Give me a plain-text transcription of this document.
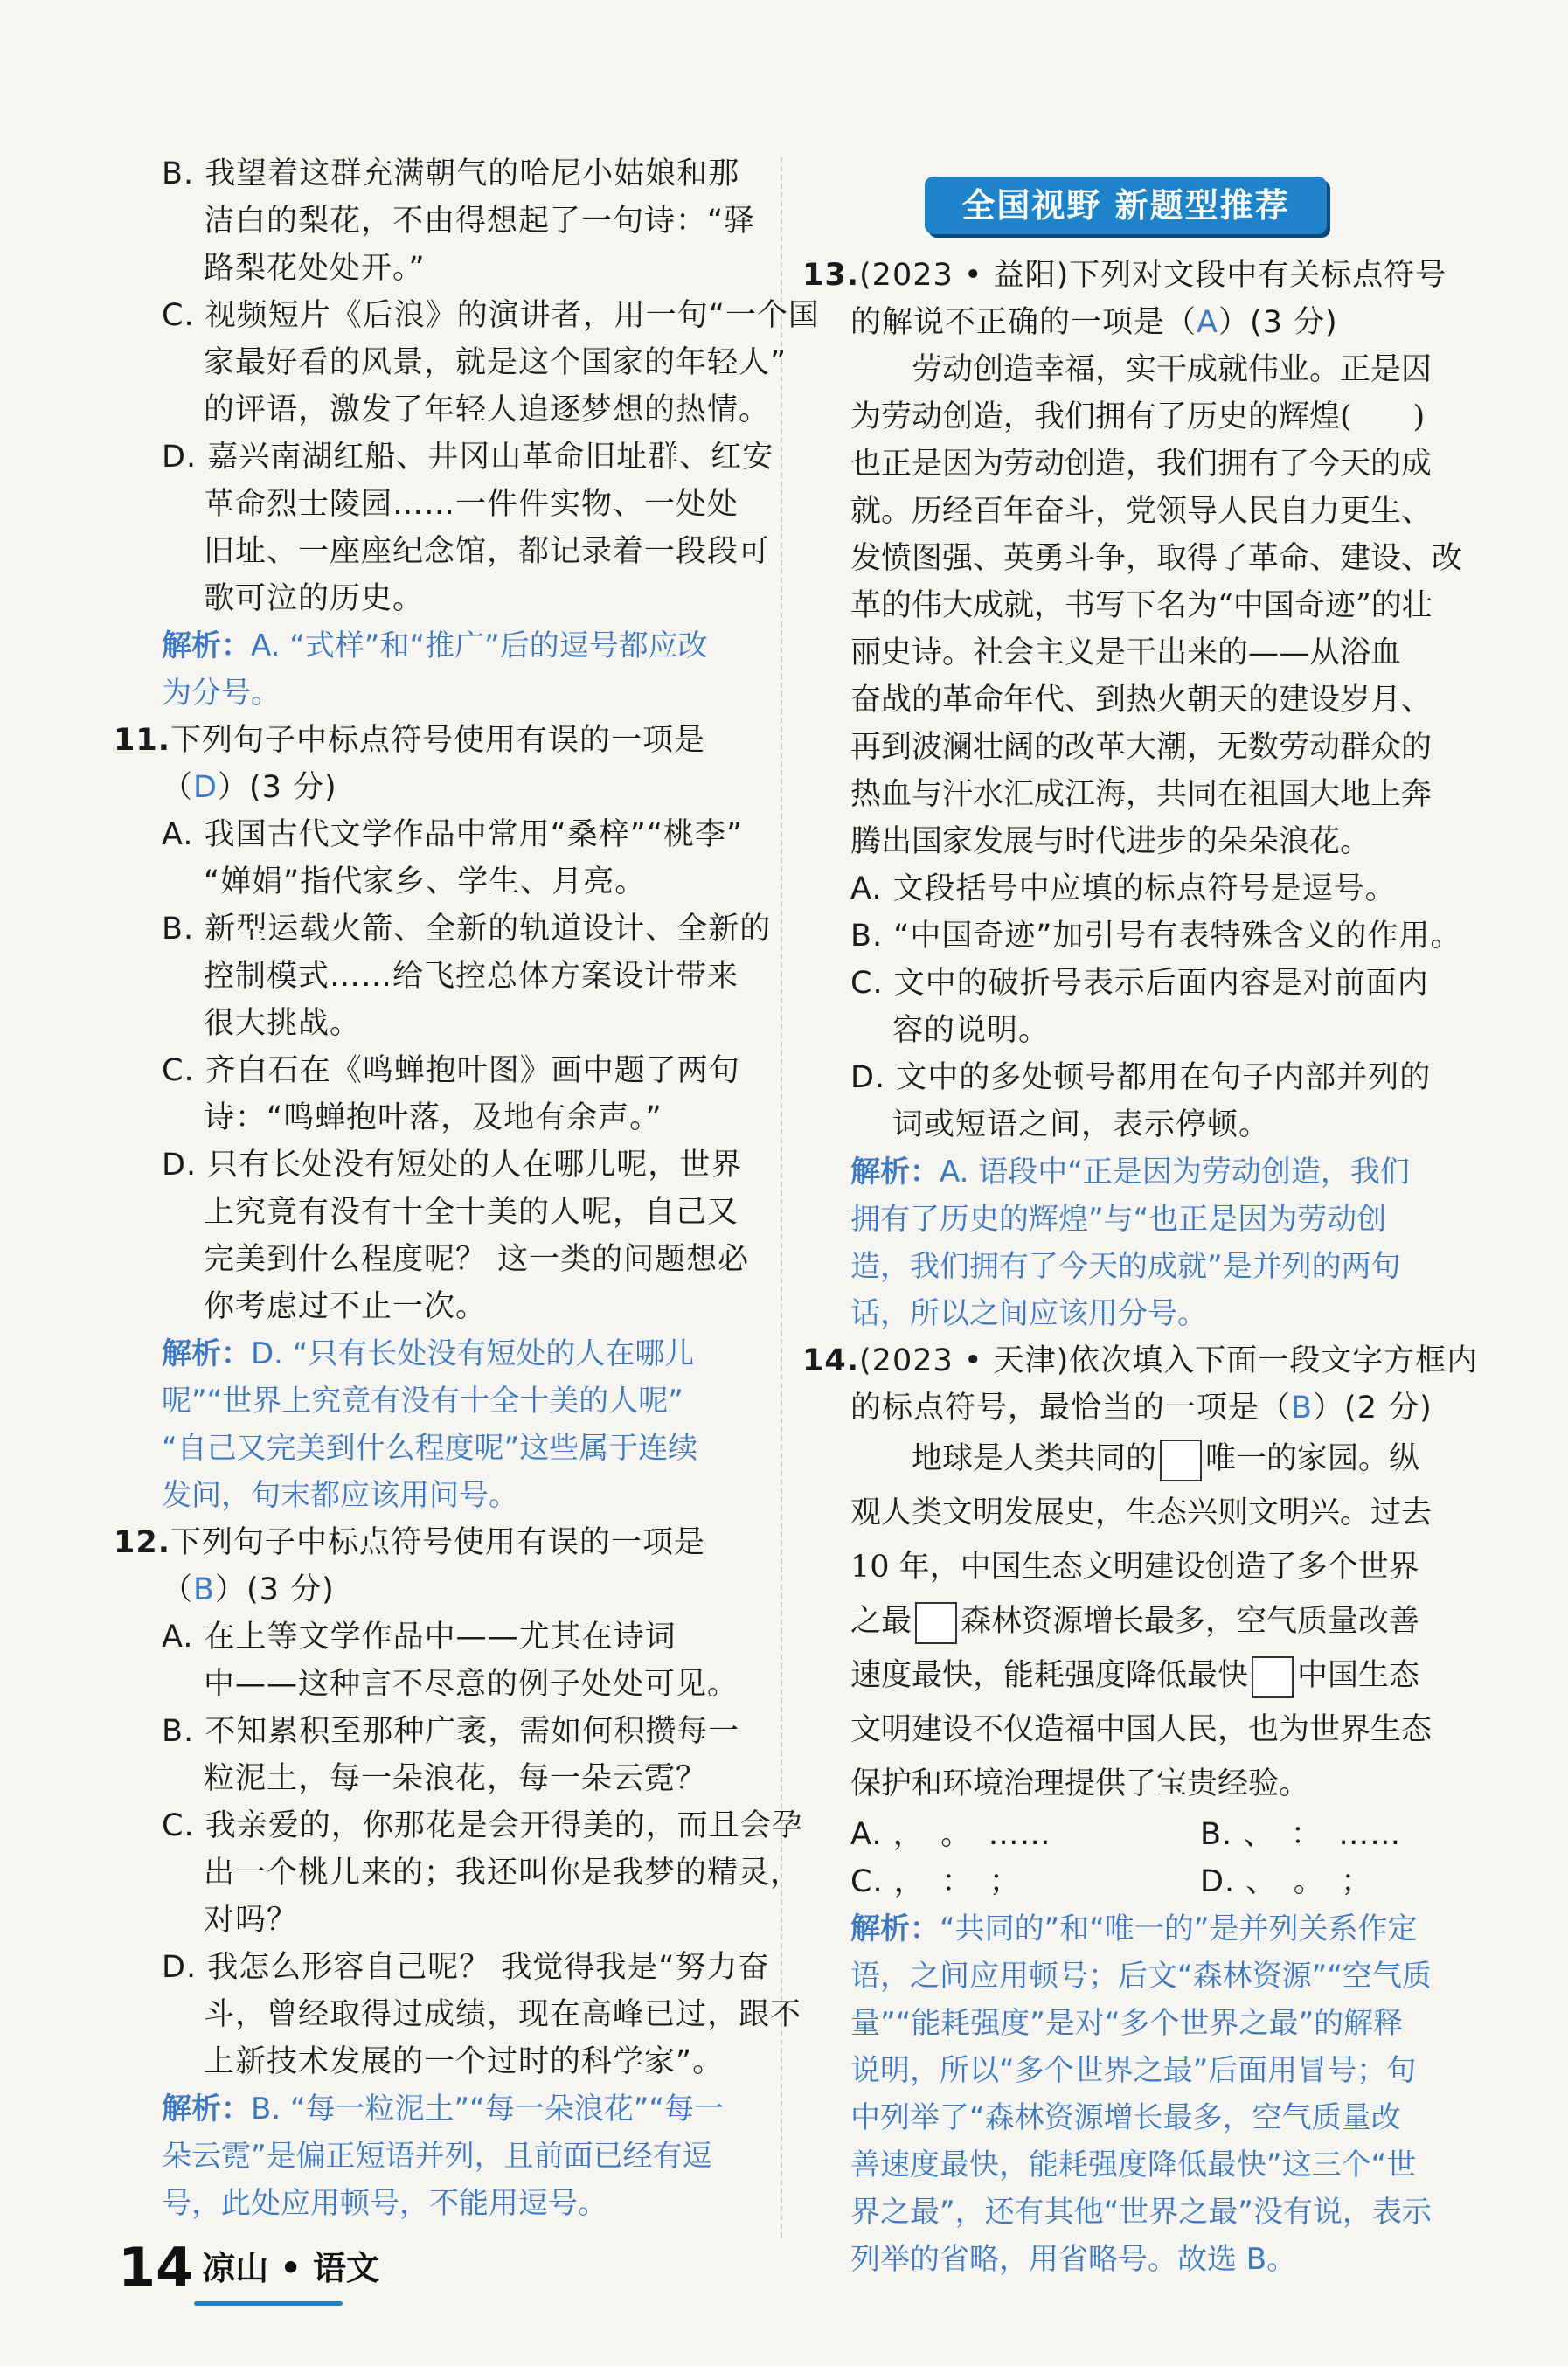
B. 我望着这群充满朝气的哈尼小姑娘和那

洁白的梨花，不由得想起了一句诗：“驿

路梨花处处开。”

C. 视频短片《后浪》的演讲者，用一句“一个国

家最好看的风景，就是这个国家的年轻人”

的评语，激发了年轻人追逐梦想的热情。

D. 嘉兴南湖红船、井冈山革命旧址群、红安

革命烈士陵园……一件件实物、一处处

旧址、一座座纪念馆，都记录着一段段可

歌可泣的历史。

解析：A. “式样”和“推广”后的逗号都应改

为分号。

11.下列句子中标点符号使用有误的一项是

（D）(3 分)

A. 我国古代文学作品中常用“桑梓”“桃李”

“婵娟”指代家乡、学生、月亮。

B. 新型运载火箭、全新的轨道设计、全新的

控制模式……给飞控总体方案设计带来

很大挑战。

C. 齐白石在《鸣蝉抱叶图》画中题了两句

诗：“鸣蝉抱叶落，及地有余声。”

D. 只有长处没有短处的人在哪儿呢，世界

上究竟有没有十全十美的人呢，自己又

完美到什么程度呢？ 这一类的问题想必

你考虑过不止一次。

解析：D. “只有长处没有短处的人在哪儿

呢”“世界上究竟有没有十全十美的人呢”

“自己又完美到什么程度呢”这些属于连续

发问，句末都应该用问号。

12.下列句子中标点符号使用有误的一项是

（B）(3 分)

A. 在上等文学作品中——尤其在诗词

中——这种言不尽意的例子处处可见。

B. 不知累积至那种广袤，需如何积攒每一

粒泥土，每一朵浪花，每一朵云霓？

C. 我亲爱的，你那花是会开得美的，而且会孕

出一个桃儿来的；我还叫你是我梦的精灵，

对吗？

D. 我怎么形容自己呢？ 我觉得我是“努力奋

斗，曾经取得过成绩，现在高峰已过，跟不

上新技术发展的一个过时的科学家”。

解析：B. “每一粒泥土”“每一朵浪花”“每一

朵云霓”是偏正短语并列，且前面已经有逗

号，此处应用顿号，不能用逗号。

全国视野 新题型推荐

13.(2023 • 益阳)下列对文段中有关标点符号

的解说不正确的一项是（A）(3 分)

劳动创造幸福，实干成就伟业。正是因

为劳动创造，我们拥有了历史的辉煌(　　)

也正是因为劳动创造，我们拥有了今天的成

就。历经百年奋斗，党领导人民自力更生、

发愤图强、英勇斗争，取得了革命、建设、改

革的伟大成就，书写下名为“中国奇迹”的壮

丽史诗。社会主义是干出来的——从浴血

奋战的革命年代、到热火朝天的建设岁月、

再到波澜壮阔的改革大潮，无数劳动群众的

热血与汗水汇成江海，共同在祖国大地上奔

腾出国家发展与时代进步的朵朵浪花。

A. 文段括号中应填的标点符号是逗号。

B. “中国奇迹”加引号有表特殊含义的作用。

C. 文中的破折号表示后面内容是对前面内

容的说明。

D. 文中的多处顿号都用在句子内部并列的

词或短语之间，表示停顿。

解析：A. 语段中“正是因为劳动创造，我们

拥有了历史的辉煌”与“也正是因为劳动创

造，我们拥有了今天的成就”是并列的两句

话，所以之间应该用分号。

14.(2023 • 天津)依次填入下面一段文字方框内

的标点符号，最恰当的一项是（B）(2 分)

地球是人类共同的 唯一的家园。纵

观人类文明发展史，生态兴则文明兴。过去

10 年，中国生态文明建设创造了多个世界

之最 森林资源增长最多，空气质量改善

速度最快，能耗强度降低最快 中国生态

文明建设不仅造福中国人民，也为世界生态

保护和环境治理提供了宝贵经验。

A. ，　。　……	B. 、　：　……

C. ，　：　；	D. 、　。　；

解析：“共同的”和“唯一的”是并列关系作定

语，之间应用顿号；后文“森林资源”“空气质

量”“能耗强度”是对“多个世界之最”的解释

说明，所以“多个世界之最”后面用冒号；句

中列举了“森林资源增长最多，空气质量改

善速度最快，能耗强度降低最快”这三个“世

界之最”，还有其他“世界之最”没有说，表示

列举的省略，用省略号。故选 B。

14 凉山 • 语文
